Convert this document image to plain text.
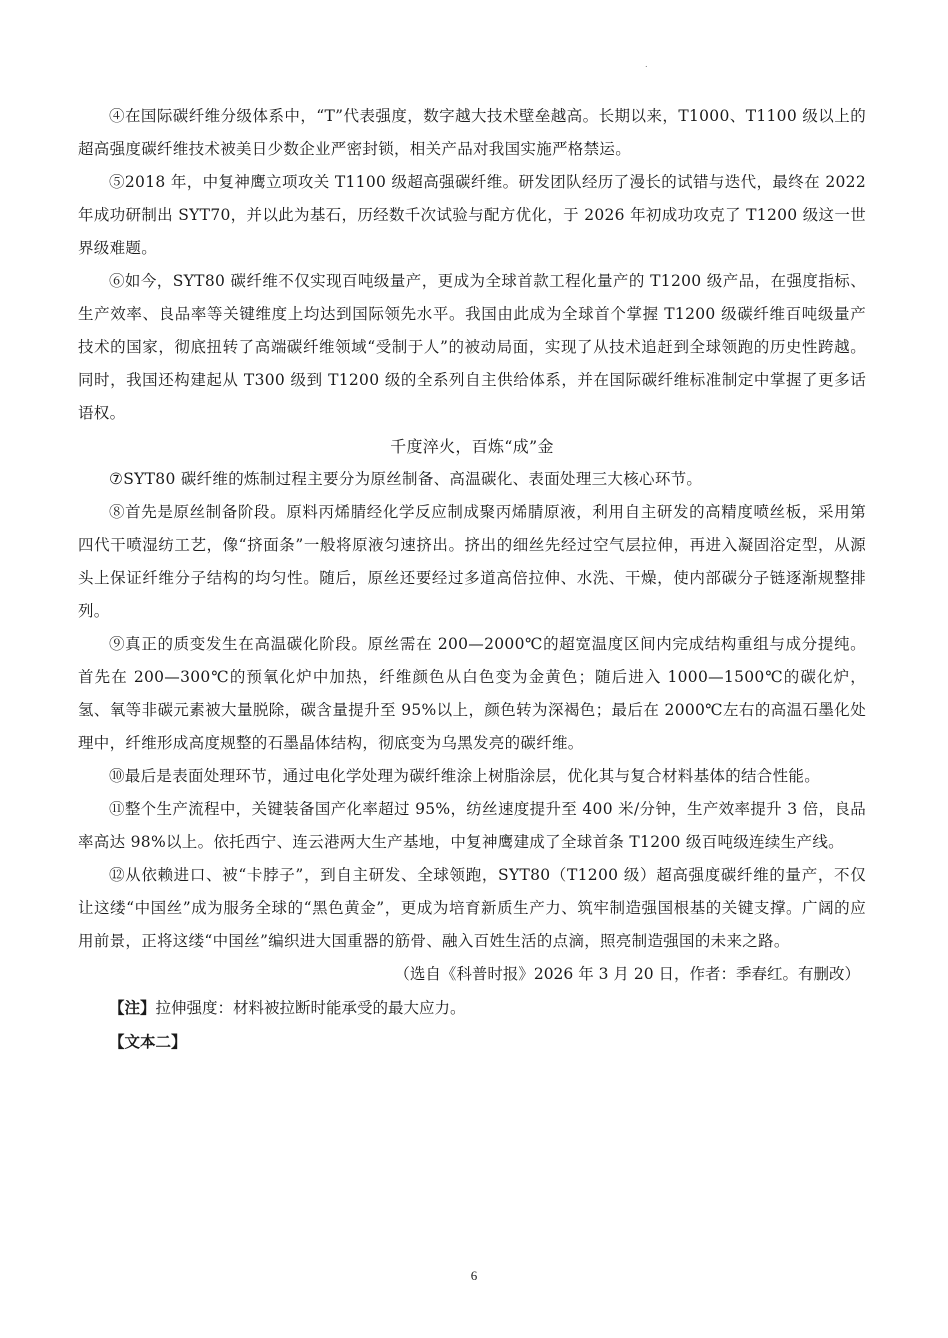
.

④在国际碳纤维分级体系中，“T”代表强度，数字越大技术壁垒越高。长期以来，T1000、T1100 级以上的超高强度碳纤维技术被美日少数企业严密封锁，相关产品对我国实施严格禁运。

⑤2018 年，中复神鹰立项攻关 T1100 级超高强碳纤维。研发团队经历了漫长的试错与迭代，最终在 2022 年成功研制出 SYT70，并以此为基石，历经数千次试验与配方优化，于 2026 年初成功攻克了 T1200 级这一世界级难题。

⑥如今，SYT80 碳纤维不仅实现百吨级量产，更成为全球首款工程化量产的 T1200 级产品，在强度指标、生产效率、良品率等关键维度上均达到国际领先水平。我国由此成为全球首个掌握 T1200 级碳纤维百吨级量产技术的国家，彻底扭转了高端碳纤维领域“受制于人”的被动局面，实现了从技术追赶到全球领跑的历史性跨越。同时，我国还构建起从 T300 级到 T1200 级的全系列自主供给体系，并在国际碳纤维标准制定中掌握了更多话语权。

千度淬火，百炼“成”金

⑦SYT80 碳纤维的炼制过程主要分为原丝制备、高温碳化、表面处理三大核心环节。

⑧首先是原丝制备阶段。原料丙烯腈经化学反应制成聚丙烯腈原液，利用自主研发的高精度喷丝板，采用第四代干喷湿纺工艺，像“挤面条”一般将原液匀速挤出。挤出的细丝先经过空气层拉伸，再进入凝固浴定型，从源头上保证纤维分子结构的均匀性。随后，原丝还要经过多道高倍拉伸、水洗、干燥，使内部碳分子链逐渐规整排列。

⑨真正的质变发生在高温碳化阶段。原丝需在 200—2000℃的超宽温度区间内完成结构重组与成分提纯。首先在 200—300℃的预氧化炉中加热，纤维颜色从白色变为金黄色；随后进入 1000—1500℃的碳化炉，氢、氧等非碳元素被大量脱除，碳含量提升至 95%以上，颜色转为深褐色；最后在 2000℃左右的高温石墨化处理中，纤维形成高度规整的石墨晶体结构，彻底变为乌黑发亮的碳纤维。

⑩最后是表面处理环节，通过电化学处理为碳纤维涂上树脂涂层，优化其与复合材料基体的结合性能。

⑪整个生产流程中，关键装备国产化率超过 95%，纺丝速度提升至 400 米/分钟，生产效率提升 3 倍，良品率高达 98%以上。依托西宁、连云港两大生产基地，中复神鹰建成了全球首条 T1200 级百吨级连续生产线。

⑫从依赖进口、被“卡脖子”，到自主研发、全球领跑，SYT80（T1200 级）超高强度碳纤维的量产，不仅让这缕“中国丝”成为服务全球的“黑色黄金”，更成为培育新质生产力、筑牢制造强国根基的关键支撑。广阔的应用前景，正将这缕“中国丝”编织进大国重器的筋骨、融入百姓生活的点滴，照亮制造强国的未来之路。

（选自《科普时报》2026 年 3 月 20 日，作者：季春红。有删改）

【注】拉伸强度：材料被拉断时能承受的最大应力。

【文本二】

6
